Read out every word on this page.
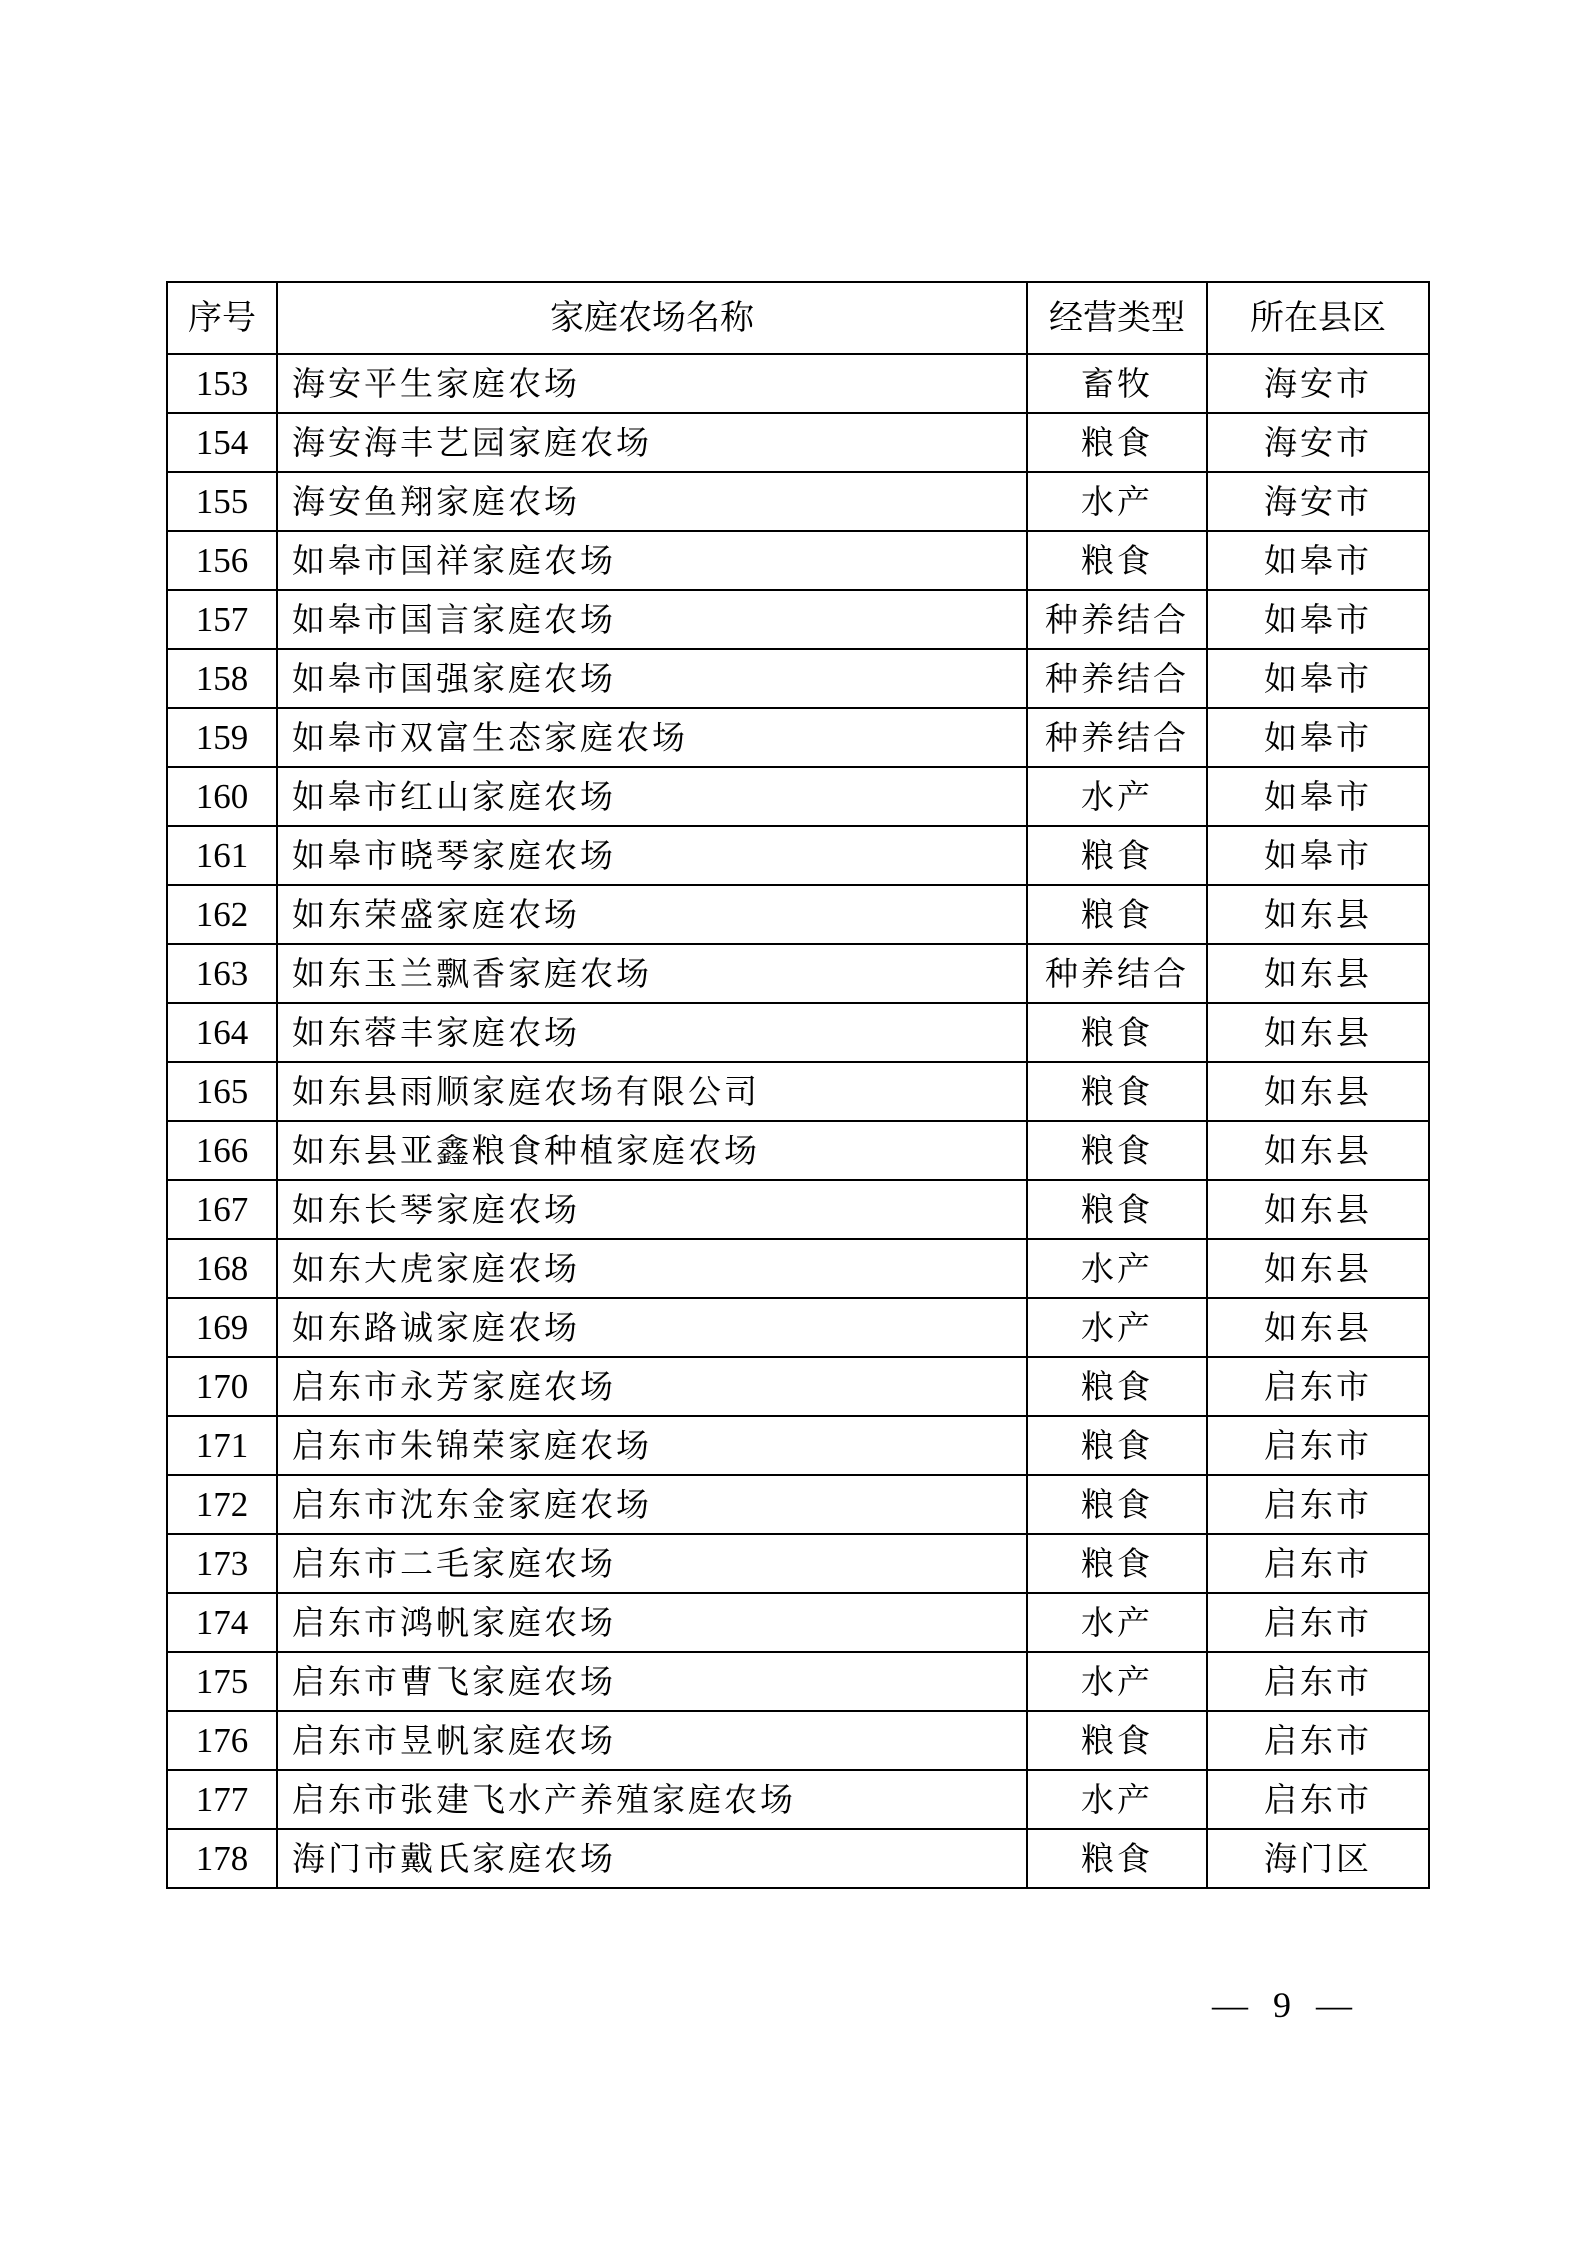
序号	家庭农场名称	经营类型	所在县区
153	海安平生家庭农场	畜牧	海安市
154	海安海丰艺园家庭农场	粮食	海安市
155	海安鱼翔家庭农场	水产	海安市
156	如皋市国祥家庭农场	粮食	如皋市
157	如皋市国言家庭农场	种养结合	如皋市
158	如皋市国强家庭农场	种养结合	如皋市
159	如皋市双富生态家庭农场	种养结合	如皋市
160	如皋市红山家庭农场	水产	如皋市
161	如皋市晓琴家庭农场	粮食	如皋市
162	如东荣盛家庭农场	粮食	如东县
163	如东玉兰飘香家庭农场	种养结合	如东县
164	如东蓉丰家庭农场	粮食	如东县
165	如东县雨顺家庭农场有限公司	粮食	如东县
166	如东县亚鑫粮食种植家庭农场	粮食	如东县
167	如东长琴家庭农场	粮食	如东县
168	如东大虎家庭农场	水产	如东县
169	如东路诚家庭农场	水产	如东县
170	启东市永芳家庭农场	粮食	启东市
171	启东市朱锦荣家庭农场	粮食	启东市
172	启东市沈东金家庭农场	粮食	启东市
173	启东市二毛家庭农场	粮食	启东市
174	启东市鸿帆家庭农场	水产	启东市
175	启东市曹飞家庭农场	水产	启东市
176	启东市昱帆家庭农场	粮食	启东市
177	启东市张建飞水产养殖家庭农场	水产	启东市
178	海门市戴氏家庭农场	粮食	海门区
— 9 —
